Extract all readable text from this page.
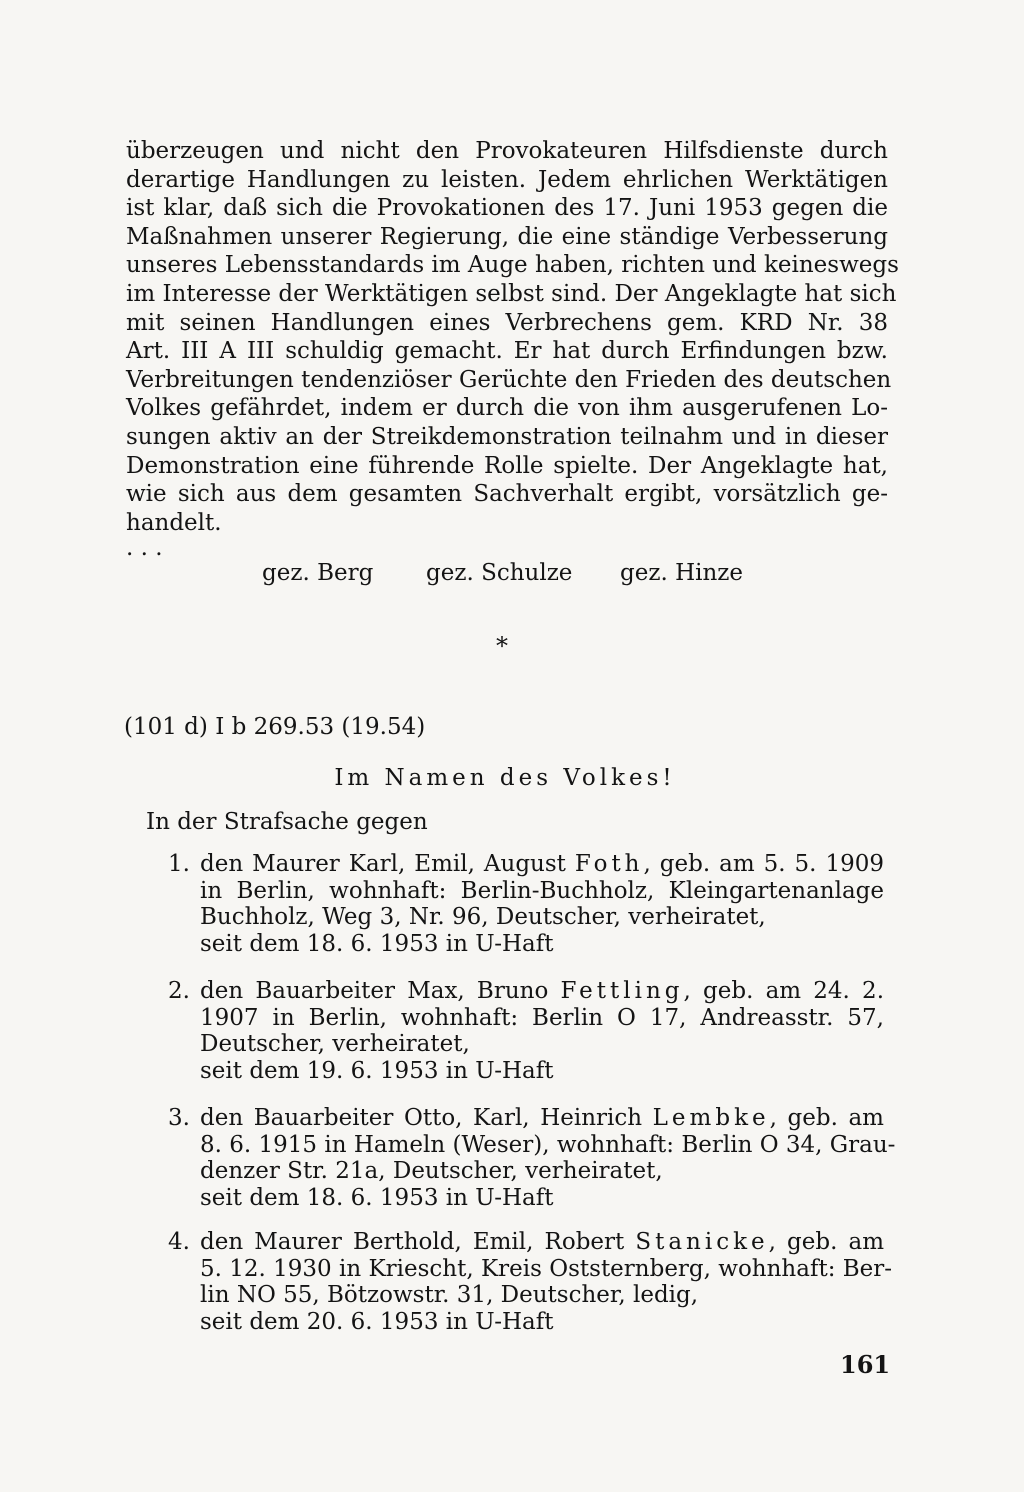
überzeugen und nicht den Provokateuren Hilfsdienste durch
derartige Handlungen zu leisten. Jedem ehrlichen Werktätigen
ist klar, daß sich die Provokationen des 17. Juni 1953 gegen die
Maßnahmen unserer Regierung, die eine ständige Verbesserung
unseres Lebensstandards im Auge haben, richten und keineswegs
im Interesse der Werktätigen selbst sind. Der Angeklagte hat sich
mit seinen Handlungen eines Verbrechens gem. KRD Nr. 38
Art. III A III schuldig gemacht. Er hat durch Erfindungen bzw.
Verbreitungen tendenziöser Gerüchte den Frieden des deutschen
Volkes gefährdet, indem er durch die von ihm ausgerufenen Lo-
sungen aktiv an der Streikdemonstration teilnahm und in dieser
Demonstration eine führende Rolle spielte. Der Angeklagte hat,
wie sich aus dem gesamten Sachverhalt ergibt, vorsätzlich ge-
handelt.
. . .
gez. Berg gez. Schulze gez. Hinze
*
(101 d) I b 269.53 (19.54)
Im Namen des Volkes!
In der Strafsache gegen
1. den Maurer Karl, Emil, August Foth, geb. am 5. 5. 1909
in Berlin, wohnhaft: Berlin-Buchholz, Kleingartenanlage
Buchholz, Weg 3, Nr. 96, Deutscher, verheiratet,
seit dem 18. 6. 1953 in U-Haft
2. den Bauarbeiter Max, Bruno Fettling, geb. am 24. 2.
1907 in Berlin, wohnhaft: Berlin O 17, Andreasstr. 57,
Deutscher, verheiratet,
seit dem 19. 6. 1953 in U-Haft
3. den Bauarbeiter Otto, Karl, Heinrich Lembke, geb. am
8. 6. 1915 in Hameln (Weser), wohnhaft: Berlin O 34, Grau-
denzer Str. 21a, Deutscher, verheiratet,
seit dem 18. 6. 1953 in U-Haft
4. den Maurer Berthold, Emil, Robert Stanicke, geb. am
5. 12. 1930 in Kriescht, Kreis Oststernberg, wohnhaft: Ber-
lin NO 55, Bötzowstr. 31, Deutscher, ledig,
seit dem 20. 6. 1953 in U-Haft
161
